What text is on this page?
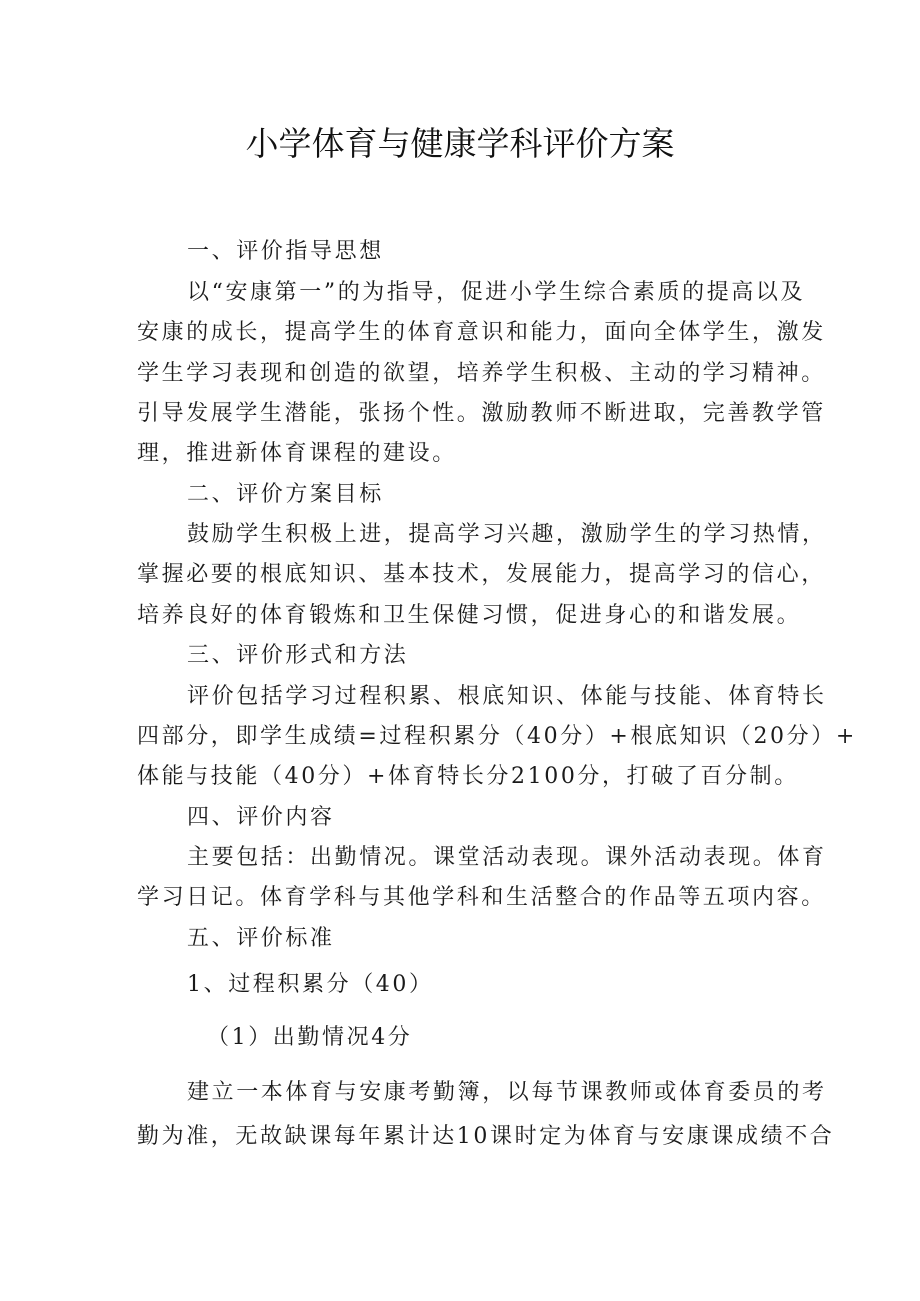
小学体育与健康学科评价方案
一、评价指导思想
以“安康第一”的为指导，促进小学生综合素质的提高以及
安康的成长，提高学生的体育意识和能力，面向全体学生，激发
学生学习表现和创造的欲望，培养学生积极、主动的学习精神。
引导发展学生潜能，张扬个性。激励教师不断进取，完善教学管
理，推进新体育课程的建设。
二、评价方案目标
鼓励学生积极上进，提高学习兴趣，激励学生的学习热情，
掌握必要的根底知识、基本技术，发展能力，提高学习的信心，
培养良好的体育锻炼和卫生保健习惯，促进身心的和谐发展。
三、评价形式和方法
评价包括学习过程积累、根底知识、体能与技能、体育特长
四部分，即学生成绩=过程积累分（40分）+根底知识（20分）+
体能与技能（40分）+体育特长分2100分，打破了百分制。
四、评价内容
主要包括：出勤情况。课堂活动表现。课外活动表现。体育
学习日记。体育学科与其他学科和生活整合的作品等五项内容。
五、评价标准
1、过程积累分（40）
（1）出勤情况4分
建立一本体育与安康考勤簿，以每节课教师或体育委员的考
勤为准，无故缺课每年累计达10课时定为体育与安康课成绩不合
